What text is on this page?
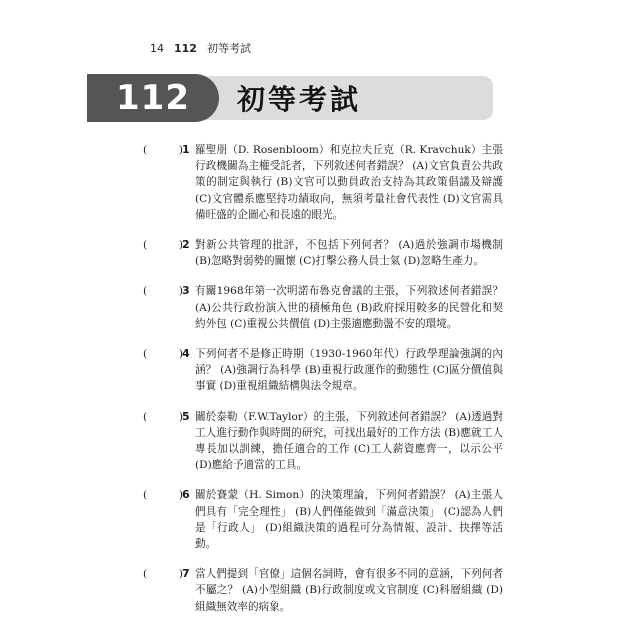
14 112 初等考試
112 初等考試
(	) 1 羅聖朋（D. Rosenbloom）和克拉夫丘克（R. Kravchuk）主張行政機關為主權受託者，下列敘述何者錯誤？ (A)文官負責公共政策的制定與執行 (B)文官可以動員政治支持為其政策倡議及辯護 (C)文官體系應堅持功績取向，無須考量社會代表性 (D)文官需具備旺盛的企圖心和長遠的眼光。
(	) 2 對新公共管理的批評，不包括下列何者？ (A)過於強調市場機制 (B)忽略對弱勢的關懷 (C)打擊公務人員士氣 (D)忽略生產力。
(	) 3 有關1968年第一次明諾布魯克會議的主張，下列敘述何者錯誤？ (A)公共行政扮演入世的積極角色 (B)政府採用較多的民營化和契約外包 (C)重視公共價值 (D)主張適應動盪不安的環境。
(	) 4 下列何者不是修正時期（1930-1960年代）行政學理論強調的內涵？ (A)強調行為科學 (B)重視行政運作的動態性 (C)區分價值與事實 (D)重視組織結構與法令規章。
(	) 5 關於泰勒（F.W.Taylor）的主張，下列敘述何者錯誤？ (A)透過對工人進行動作與時間的研究，可找出最好的工作方法 (B)應就工人專長加以訓練，擔任適合的工作 (C)工人薪資應齊一，以示公平 (D)應給予適當的工具。
(	) 6 關於賽蒙（H. Simon）的決策理論，下列何者錯誤？ (A)主張人們具有「完全理性」 (B)人們僅能做到「滿意決策」 (C)認為人們是「行政人」 (D)組織決策的過程可分為情報、設計、抉擇等活動。
(	) 7 當人們提到「官僚」這個名詞時，會有很多不同的意涵，下列何者不屬之？ (A)小型組織 (B)行政制度或文官制度 (C)科層組織 (D)組織無效率的病象。
